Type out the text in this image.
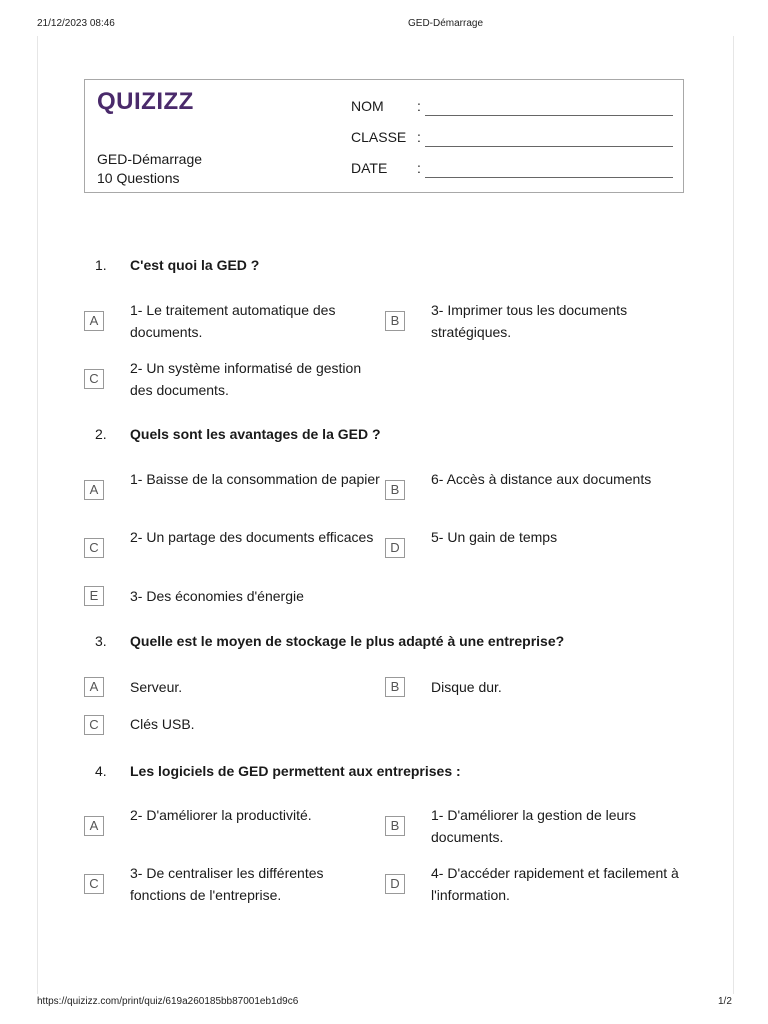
21/12/2023 08:46	GED-Démarrage
QUIZIZZ
GED-Démarrage
10 Questions
NOM :
CLASSE :
DATE :
1. C'est quoi la GED ?
A
1- Le traitement automatique des documents.
B
3- Imprimer tous les documents stratégiques.
C
2- Un système informatisé de gestion des documents.
2. Quels sont les avantages de la GED ?
A
1- Baisse de la consommation de papier
B
6- Accès à distance aux documents
C
2- Un partage des documents efficaces
D
5- Un gain de temps
E	3- Des économies d'énergie
3. Quelle est le moyen de stockage le plus adapté à une entreprise?
A	Serveur.	B	Disque dur.
C	Clés USB.
4. Les logiciels de GED permettent aux entreprises :
A
2- D'améliorer la productivité.
B
1- D'améliorer la gestion de leurs documents.
C
3- De centraliser les différentes fonctions de l'entreprise.
D
4- D'accéder rapidement et facilement à l'information.
https://quizizz.com/print/quiz/619a260185bb87001eb1d9c6	1/2
